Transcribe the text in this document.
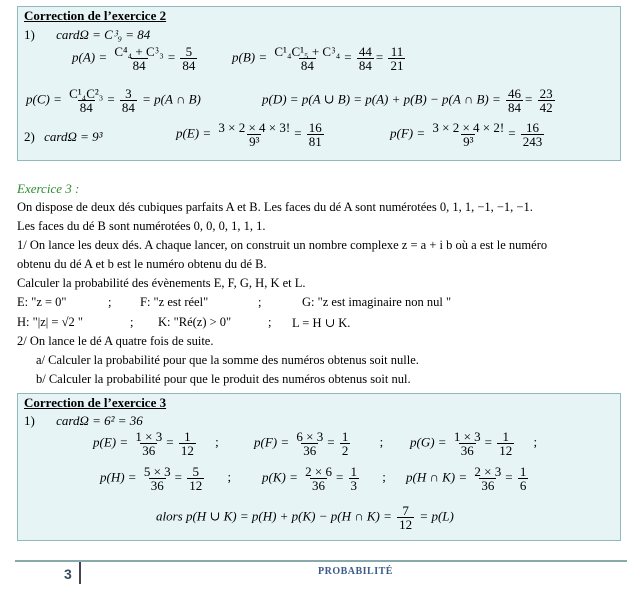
Correction de l’exercice 2
1) cardΩ = C⁳₉ = 84
$p(A) = \frac{\text{C⁴₄ + C⁳₃}}{84} = \frac{5}{84}$	$p(B) = \frac{\text{C¹₄C¹₅ + C⁳₄}}{84} = \frac{44}{84} = \frac{11}{21}$
$p(C) = \frac{\text{C¹₄C²₃}}{84} = \frac{3}{84} = p(A$ ∩ B)	p(D) = p(A ∪ B) = p(A) + p(B) − p(A ∩ $B) = \frac{46}{84} = \frac{23}{42}$
2) cardΩ = 9³	$p(E) = \frac{3 \times 2 \times 4 \times 3!}{\text{9³}} = \frac{16}{81}$	$p(F) = \frac{3 \times 2 \times 4 \times 2!}{\text{9³}} = \frac{16}{243}$
Exercice 3 :
On dispose de deux dés cubiques parfaits A et B. Les faces du dé A sont numérotées 0, 1, 1, −1, −1, −1.
Les faces du dé B sont numérotées 0, 0, 0, 1, 1, 1.
1/ On lance les deux dés. A chaque lancer, on construit un nombre complexe z = a + i b où a est le numéro
obtenu du dé A et b est le numéro obtenu du dé B.
Calculer la probabilité des évènements E, F, G, H, K et L.
E: "z = 0"	; F: "z est réel"	;	G: "z est imaginaire non nul "
H: "|z| = √2 "	; K: "Ré(z) > 0"	; L = H ∪ K.
2/ On lance le dé A quatre fois de suite.
a/ Calculer la probabilité pour que la somme des numéros obtenus soit nulle.
b/ Calculer la probabilité pour que le produit des numéros obtenus soit nul.
Correction de l’exercice 3
1) cardΩ = 6² = 36
$p(E) = \frac{1 \times 3}{36} = \frac{1}{12}$ ;	$p(F) = \frac{6 \times 3}{36} = \frac{1}{2}$ ; $p(G) = \frac{1 \times 3}{36} = \frac{1}{12}$ ;
$p(H) = \frac{5 \times 3}{36} = \frac{5}{12}$ ; $p(K) = \frac{2 \times 6}{36} = \frac{1}{3}$ ; p(H ∩ $K) = \frac{2 \times 3}{36} = \frac{1}{6}$
alors p(H ∪ K) = p(H) + p(K) − p(H ∩ $K) = \frac{7}{12} = p(L)$
3	PROBABILITÉ
